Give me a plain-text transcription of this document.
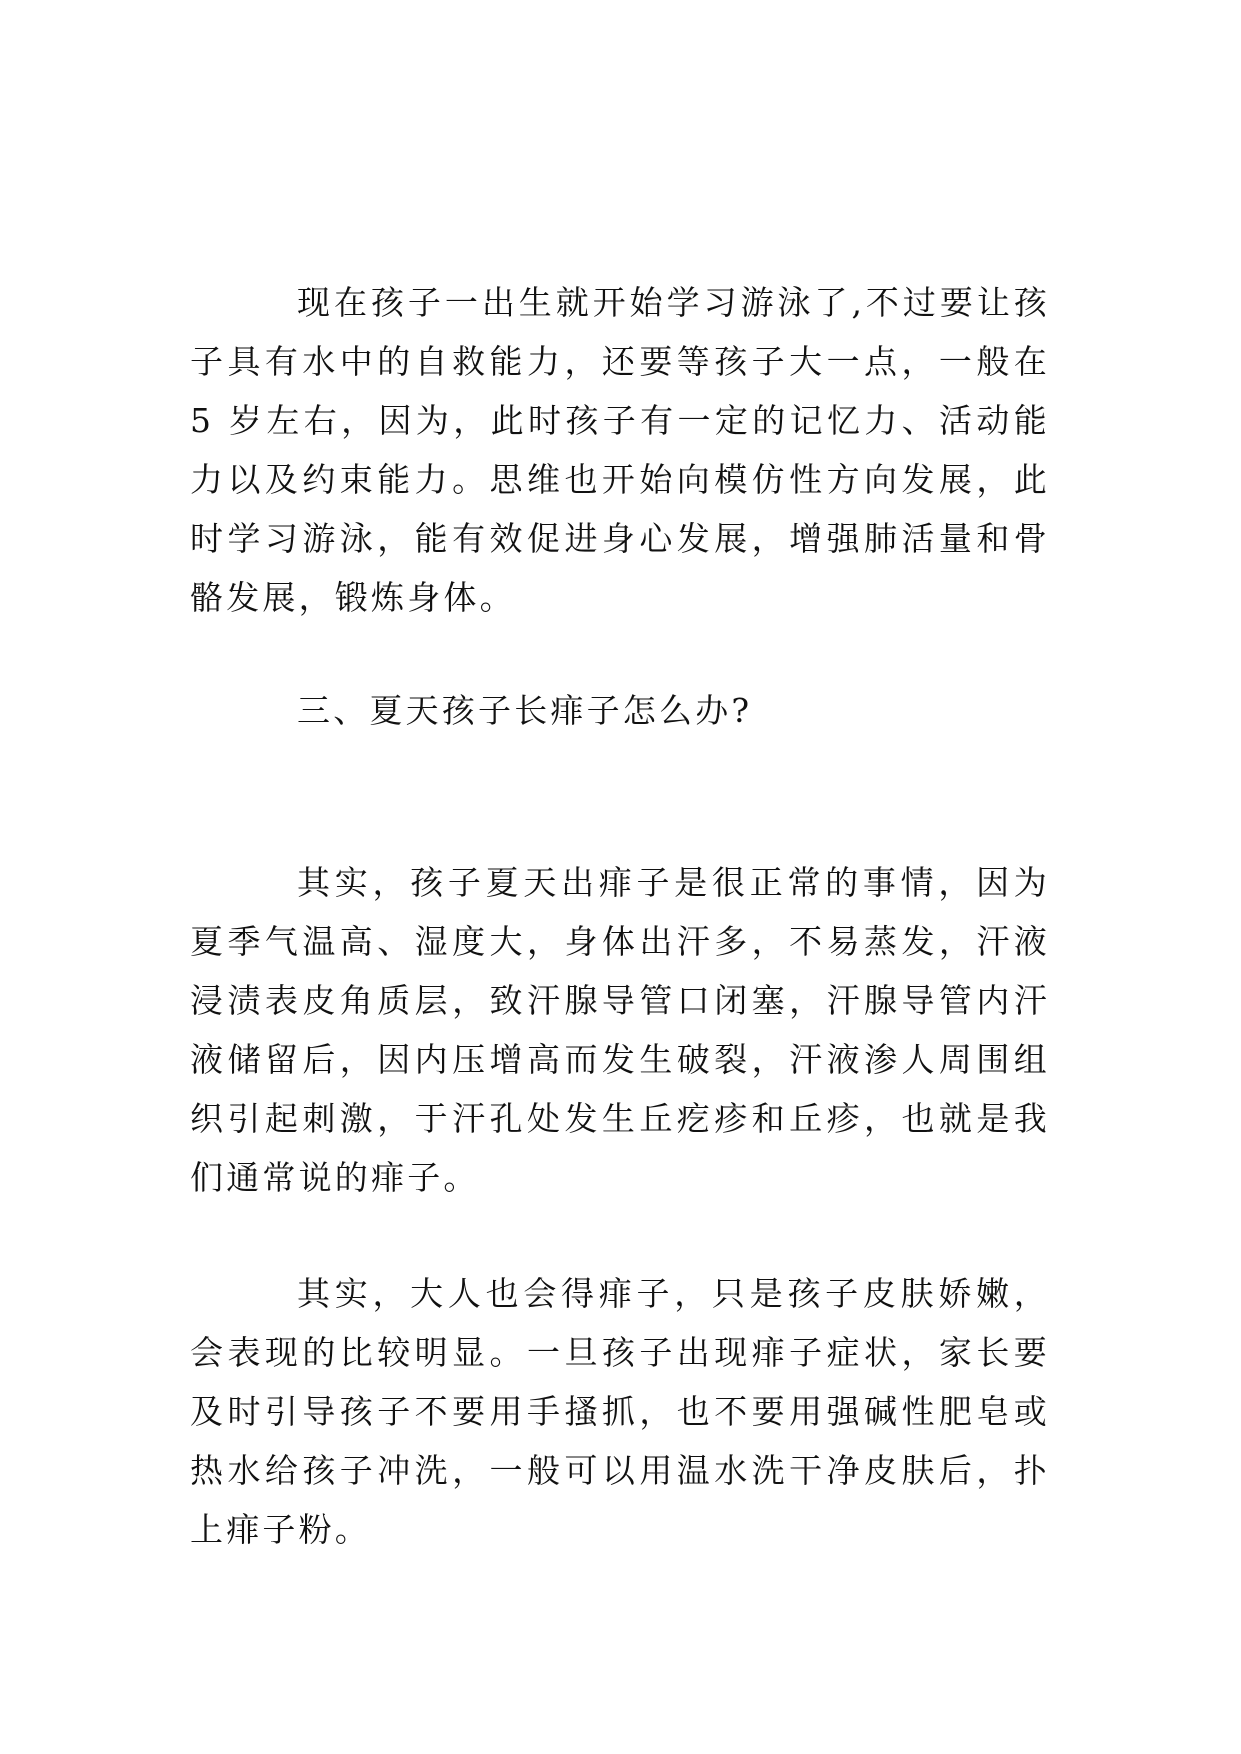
现在孩子一出生就开始学习游泳了,不过要让孩子具有水中的自救能力，还要等孩子大一点，一般在 5 岁左右，因为，此时孩子有一定的记忆力、活动能力以及约束能力。思维也开始向模仿性方向发展，此时学习游泳，能有效促进身心发展，增强肺活量和骨骼发展，锻炼身体。

三、夏天孩子长痱子怎么办?

其实，孩子夏天出痱子是很正常的事情，因为夏季气温高、湿度大，身体出汗多，不易蒸发，汗液浸渍表皮角质层，致汗腺导管口闭塞，汗腺导管内汗液储留后，因内压增高而发生破裂，汗液渗人周围组织引起刺激，于汗孔处发生丘疙疹和丘疹，也就是我们通常说的痱子。

其实，大人也会得痱子，只是孩子皮肤娇嫩，会表现的比较明显。一旦孩子出现痱子症状，家长要及时引导孩子不要用手搔抓，也不要用强碱性肥皂或热水给孩子冲洗，一般可以用温水洗干净皮肤后，扑上痱子粉。
